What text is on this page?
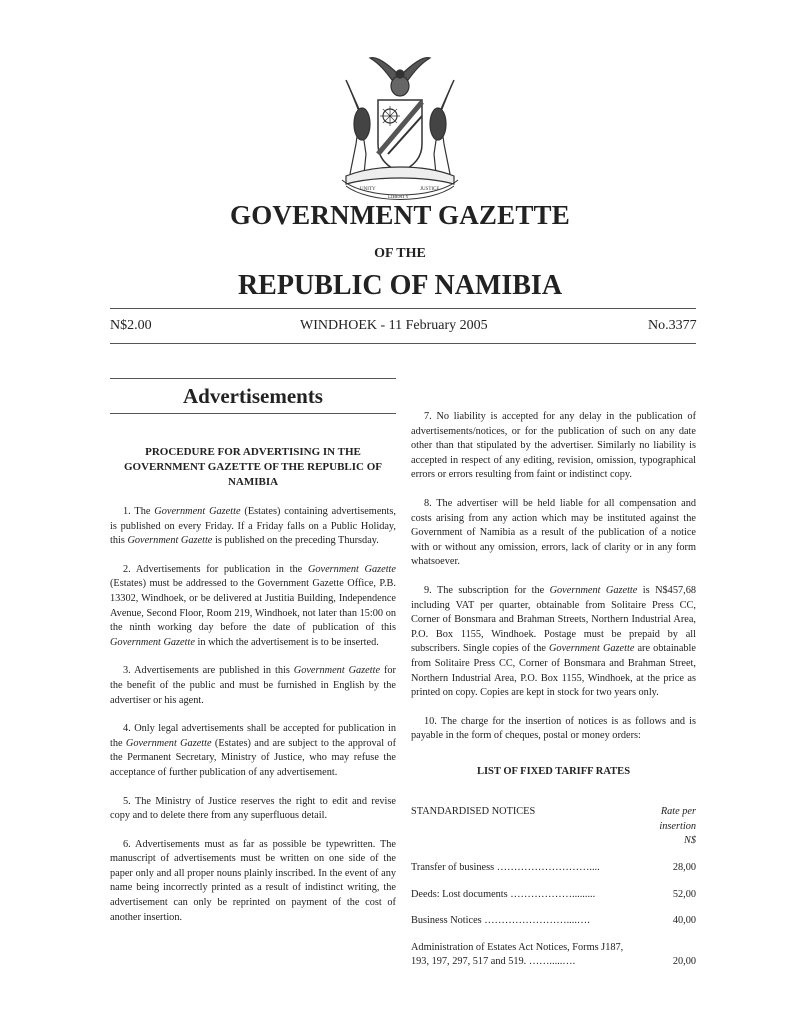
UNITY
LIBERTY
JUSTICE
GOVERNMENT GAZETTE
OF THE
REPUBLIC OF NAMIBIA
N$2.00	WINDHOEK - 11 February 2005	No.3377
Advertisements
PROCEDURE FOR ADVERTISING IN THE GOVERNMENT GAZETTE OF THE REPUBLIC OF NAMIBIA

1. The Government Gazette (Estates) containing advertisements, is published on every Friday. If a Friday falls on a Public Holiday, this Government Gazette is published on the preceding Thursday.

2. Advertisements for publication in the Government Gazette (Estates) must be addressed to the Government Gazette Office, P.B. 13302, Windhoek, or be delivered at Justitia Building, Independence Avenue, Second Floor, Room 219, Windhoek, not later than 15:00 on the ninth working day before the date of publication of this Government Gazette in which the advertisement is to be inserted.

3. Advertisements are published in this Government Gazette for the benefit of the public and must be furnished in English by the advertiser or his agent.

4. Only legal advertisements shall be accepted for publication in the Government Gazette (Estates) and are subject to the approval of the Permanent Secretary, Ministry of Justice, who may refuse the acceptance of further publication of any advertisement.

5. The Ministry of Justice reserves the right to edit and revise copy and to delete there from any superfluous detail.

6. Advertisements must as far as possible be typewritten. The manuscript of advertisements must be written on one side of the paper only and all proper nouns plainly inscribed. In the event of any name being incorrectly printed as a result of indistinct writing, the advertisement can only be reprinted on payment of the cost of another insertion.

7. No liability is accepted for any delay in the publication of advertisements/notices, or for the publication of such on any date other than that stipulated by the advertiser. Similarly no liability is accepted in respect of any editing, revision, omission, typographical errors or errors resulting from faint or indistinct copy.

8. The advertiser will be held liable for all compensation and costs arising from any action which may be instituted against the Government of Namibia as a result of the publication of a notice with or without any omission, errors, lack of clarity or in any form whatsoever.

9. The subscription for the Government Gazette is N$457,68 including VAT per quarter, obtainable from Solitaire Press CC, Corner of Bonsmara and Brahman Streets, Northern Industrial Area, P.O. Box 1155, Windhoek. Postage must be prepaid by all subscribers. Single copies of the Government Gazette are obtainable from Solitaire Press CC, Corner of Bonsmara and Brahman Street, Northern Industrial Area, P.O. Box 1155, Windhoek, at the price as printed on copy. Copies are kept in stock for two years only.

10. The charge for the insertion of notices is as follows and is payable in the form of cheques, postal or money orders:

LIST OF FIXED TARIFF RATES
STANDARDISED NOTICES	Rate per
insertion
N$
Transfer of business ………………………....	28,00
Deeds: Lost documents ……………….........	52,00
Business Notices ……………………....….	40,00
Administration of Estates Act Notices, Forms J187, 193, 197, 297, 517 and 519. …….....….	20,00
